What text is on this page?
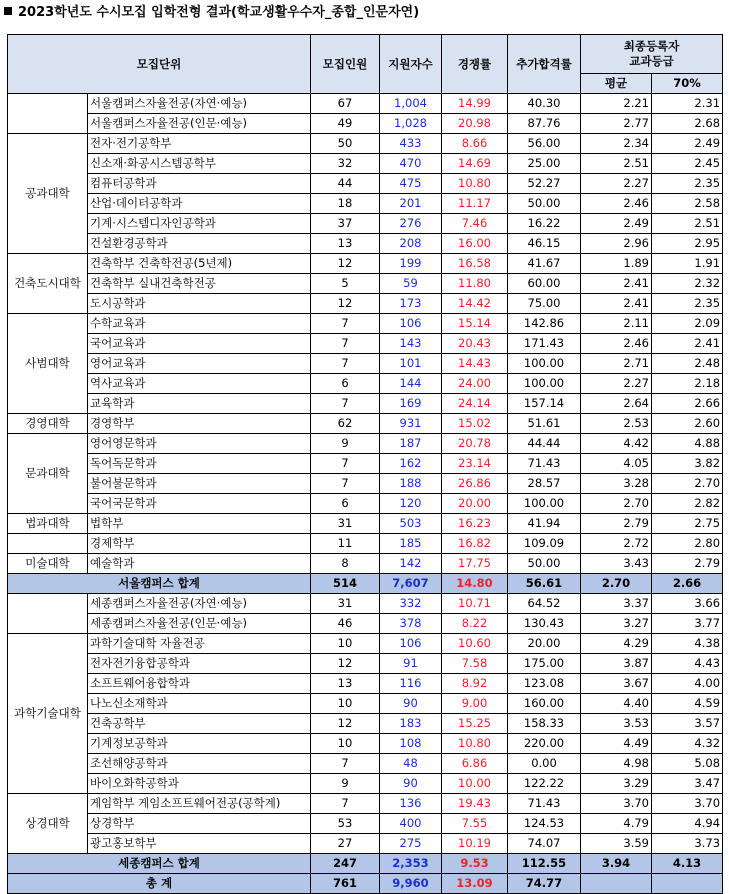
2023학년도 수시모집 입학전형 결과(학교생활우수자_종합_인문자연)
모집단위		모집인원	지원자수	경쟁률	추가합격률	최종등록자
교과등급	
						평균	70%
	서울캠퍼스자율전공(자연·예능)	67	1,004	14.99	40.30	2.21	2.31
	서울캠퍼스자율전공(인문·예능)	49	1,028	20.98	87.76	2.77	2.68
공과대학	전자·전기공학부	50	433	8.66	56.00	2.34	2.49
	신소재·화공시스템공학부	32	470	14.69	25.00	2.51	2.45
	컴퓨터공학과	44	475	10.80	52.27	2.27	2.35
	산업·데이터공학과	18	201	11.17	50.00	2.46	2.58
	기계·시스템디자인공학과	37	276	7.46	16.22	2.49	2.51
	건설환경공학과	13	208	16.00	46.15	2.96	2.95
건축도시대학	건축학부 건축학전공(5년제)	12	199	16.58	41.67	1.89	1.91
	건축학부 실내건축학전공	5	59	11.80	60.00	2.41	2.32
	도시공학과	12	173	14.42	75.00	2.41	2.35
사범대학	수학교육과	7	106	15.14	142.86	2.11	2.09
	국어교육과	7	143	20.43	171.43	2.46	2.41
	영어교육과	7	101	14.43	100.00	2.71	2.48
	역사교육과	6	144	24.00	100.00	2.27	2.18
	교육학과	7	169	24.14	157.14	2.64	2.66
경영대학	경영학부	62	931	15.02	51.61	2.53	2.60
문과대학	영어영문학과	9	187	20.78	44.44	4.42	4.88
	독어독문학과	7	162	23.14	71.43	4.05	3.82
	불어불문학과	7	188	26.86	28.57	3.28	2.70
	국어국문학과	6	120	20.00	100.00	2.70	2.82
법과대학	법학부	31	503	16.23	41.94	2.79	2.75
	경제학부	11	185	16.82	109.09	2.72	2.80
미술대학	예술학과	8	142	17.75	50.00	3.43	2.79
서울캠퍼스 합계		514	7,607	14.80	56.61	2.70	2.66
	세종캠퍼스자율전공(자연·예능)	31	332	10.71	64.52	3.37	3.66
	세종캠퍼스자율전공(인문·예능)	46	378	8.22	130.43	3.27	3.77
과학기술대학	과학기술대학 자율전공	10	106	10.60	20.00	4.29	4.38
	전자전기융합공학과	12	91	7.58	175.00	3.87	4.43
	소프트웨어융합학과	13	116	8.92	123.08	3.67	4.00
	나노신소재학과	10	90	9.00	160.00	4.40	4.59
	건축공학부	12	183	15.25	158.33	3.53	3.57
	기계정보공학과	10	108	10.80	220.00	4.49	4.32
	조선해양공학과	7	48	6.86	0.00	4.98	5.08
	바이오화학공학과	9	90	10.00	122.22	3.29	3.47
상경대학	게임학부 게임소프트웨어전공(공학계)	7	136	19.43	71.43	3.70	3.70
	상경학부	53	400	7.55	124.53	4.79	4.94
	광고홍보학부	27	275	10.19	74.07	3.59	3.73
세종캠퍼스 합계		247	2,353	9.53	112.55	3.94	4.13
총 계		761	9,960	13.09	74.77		
